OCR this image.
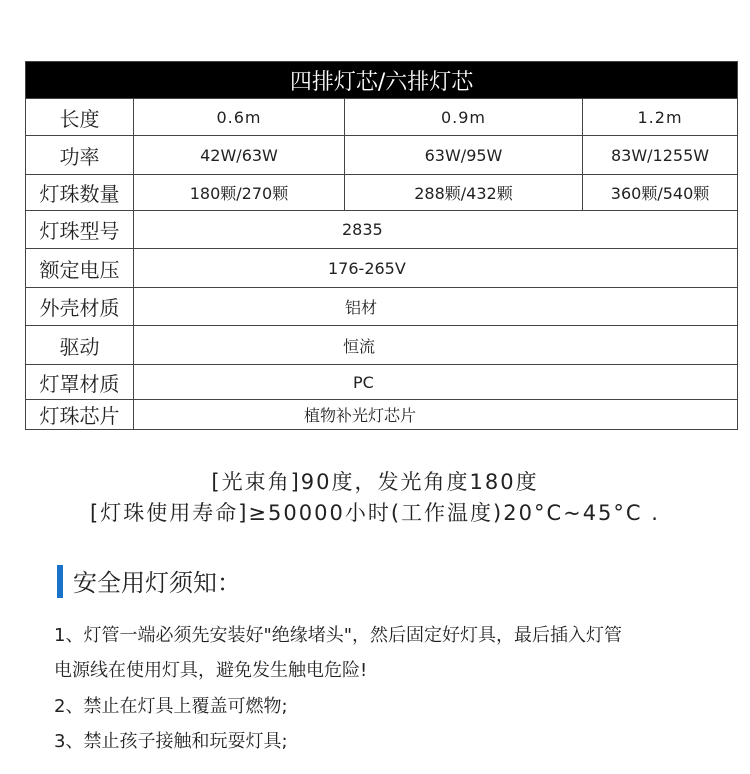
四排灯芯/六排灯芯			
长度	0.6m	0.9m	1.2m
功率	42W/63W	63W/95W	83W/1255W
灯珠数量	180颗/270颗	288颗/432颗	360颗/540颗
灯珠型号	2835		
额定电压	176-265V		
外壳材质	铝材		
驱动	恒流		
灯罩材质	PC		
灯珠芯片	植物补光灯芯片		
[光束角]90度，发光角度180度
[灯珠使用寿命]≥50000小时(工作温度)20°C~45°C .
安全用灯须知：
1、灯管一端必须先安装好"绝缘堵头"，然后固定好灯具，最后插入灯管
电源线在使用灯具，避免发生触电危险!
2、禁止在灯具上覆盖可燃物;
3、禁止孩子接触和玩耍灯具;
